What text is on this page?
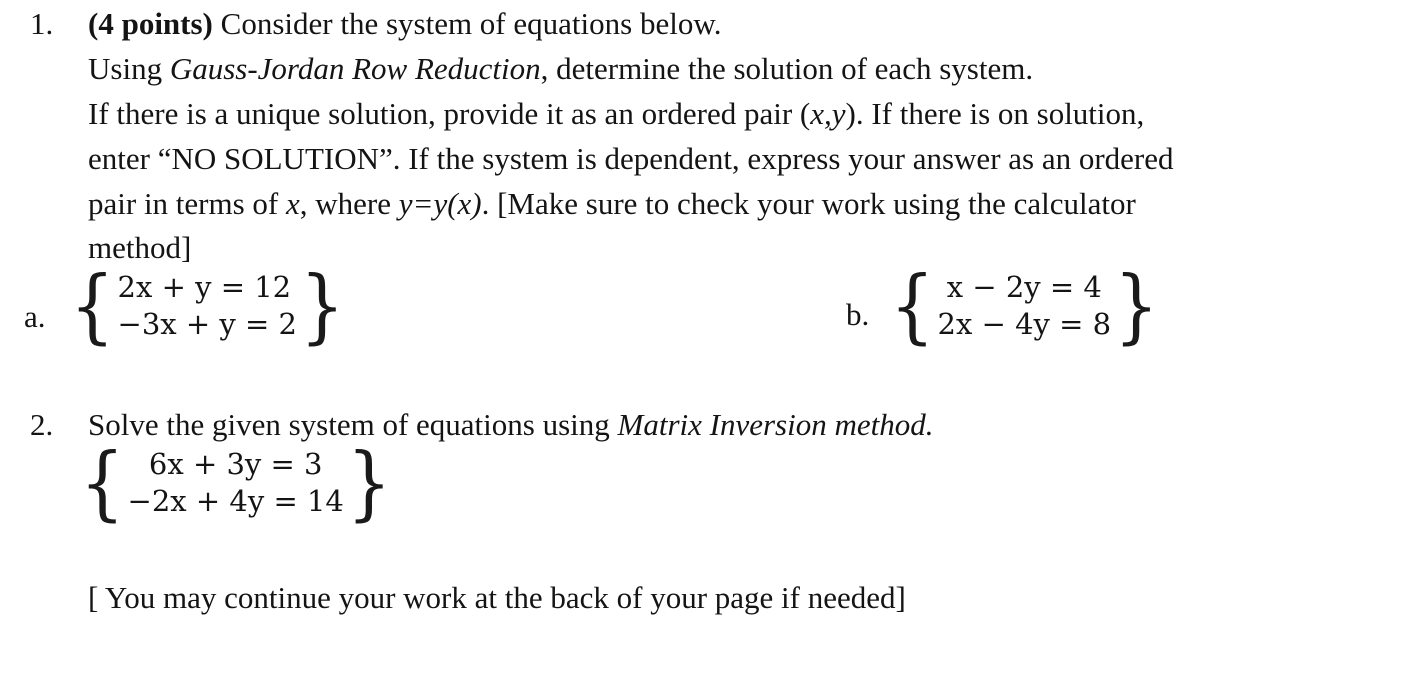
1. (4 points) Consider the system of equations below.
Using Gauss-Jordan Row Reduction, determine the solution of each system.
If there is a unique solution, provide it as an ordered pair (x,y). If there is on solution,
enter “NO SOLUTION”. If the system is dependent, express your answer as an ordered
pair in terms of x, where y=y(x). [Make sure to check your work using the calculator
method]
a. { 2x + y = 12
−3x + y = 2 }	b. { x − 2y = 4
2x − 4y = 8 }
2. Solve the given system of equations using Matrix Inversion method.
{ 6x + 3y = 3
−2x + 4y = 14 }
[ You may continue your work at the back of your page if needed]
